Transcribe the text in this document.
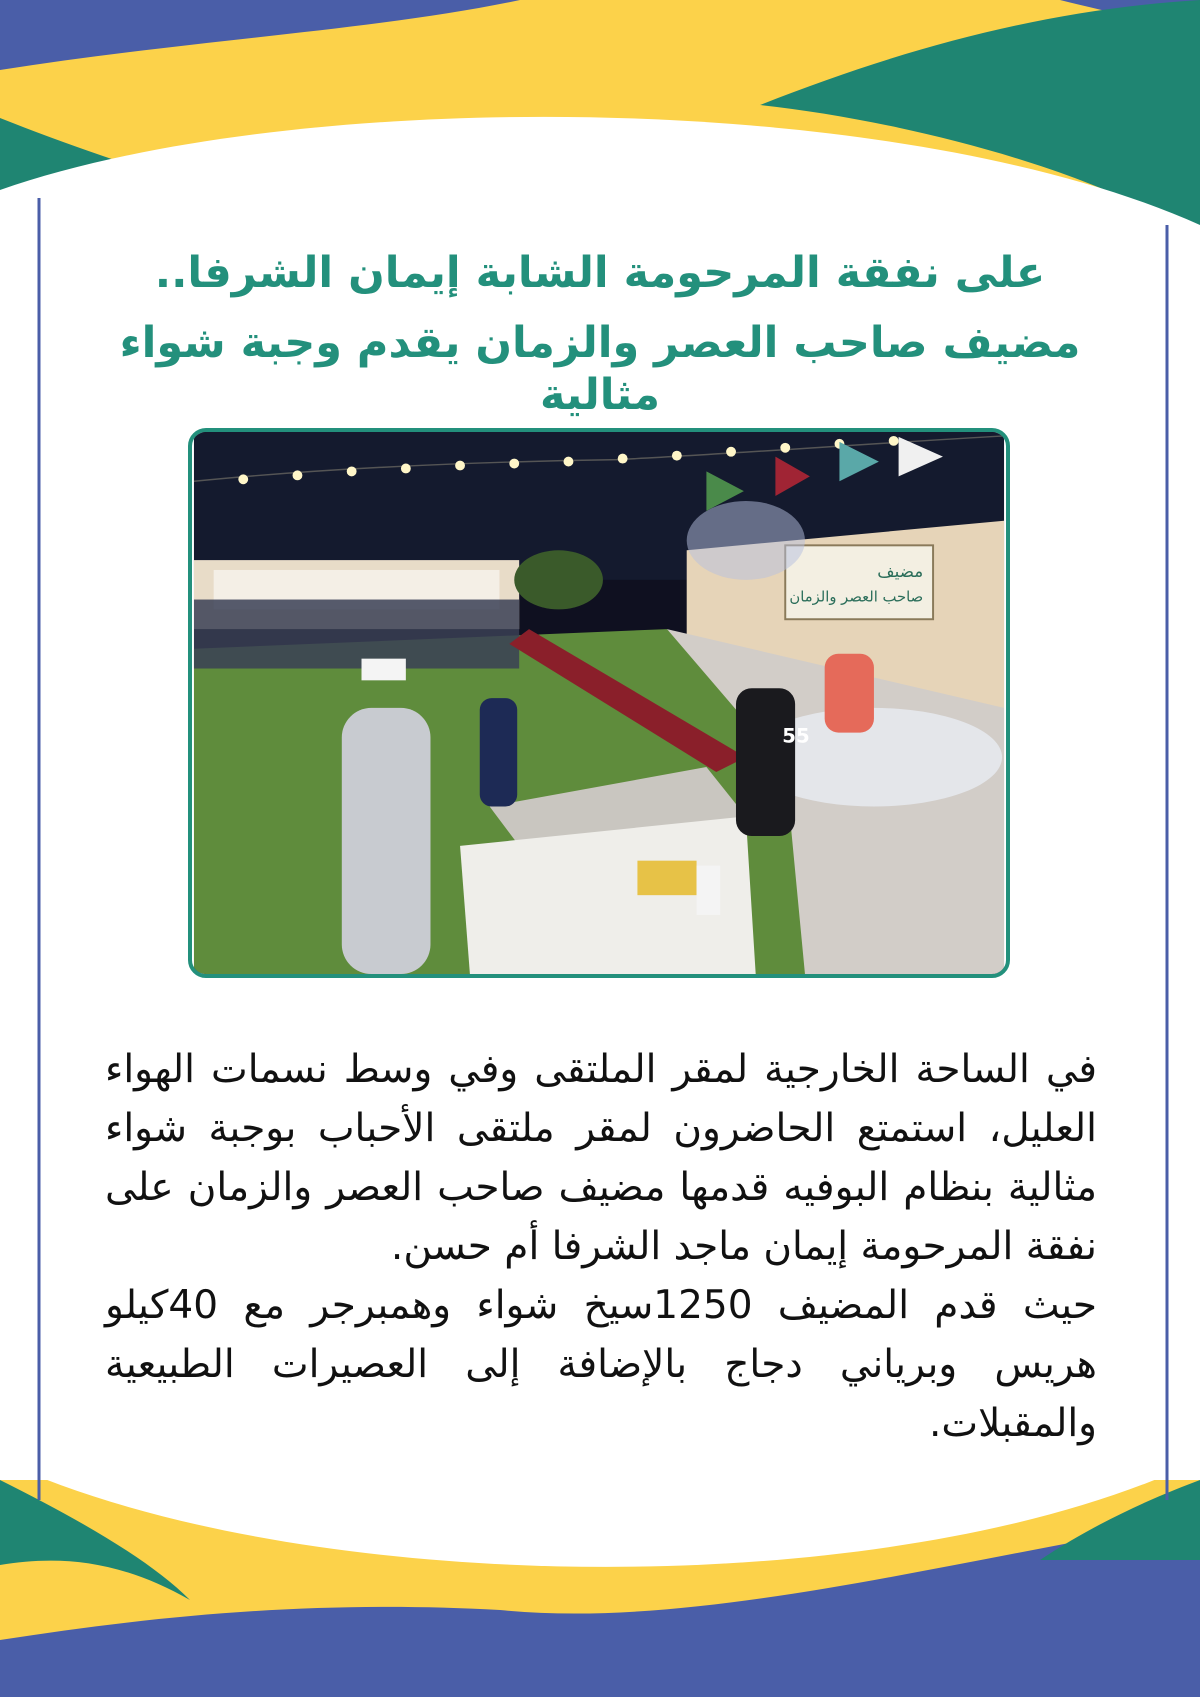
على نفقة المرحومة الشابة إيمان الشرفا..
مضيف صاحب العصر والزمان يقدم وجبة شواء مثالية
مضيف
صاحب العصر والزمان
55

في الساحة الخارجية لمقر الملتقى وفي وسط نسمات الهواء العليل، استمتع الحاضرون لمقر ملتقى الأحباب بوجبة شواء مثالية بنظام البوفيه قدمها مضيف صاحب العصر والزمان على نفقة المرحومة إيمان ماجد الشرفا أم حسن.

حيث قدم المضيف 1250سيخ شواء وهمبرجر مع 40كيلو هريس وبرياني دجاج بالإضافة إلى العصيرات الطبيعية والمقبلات.
